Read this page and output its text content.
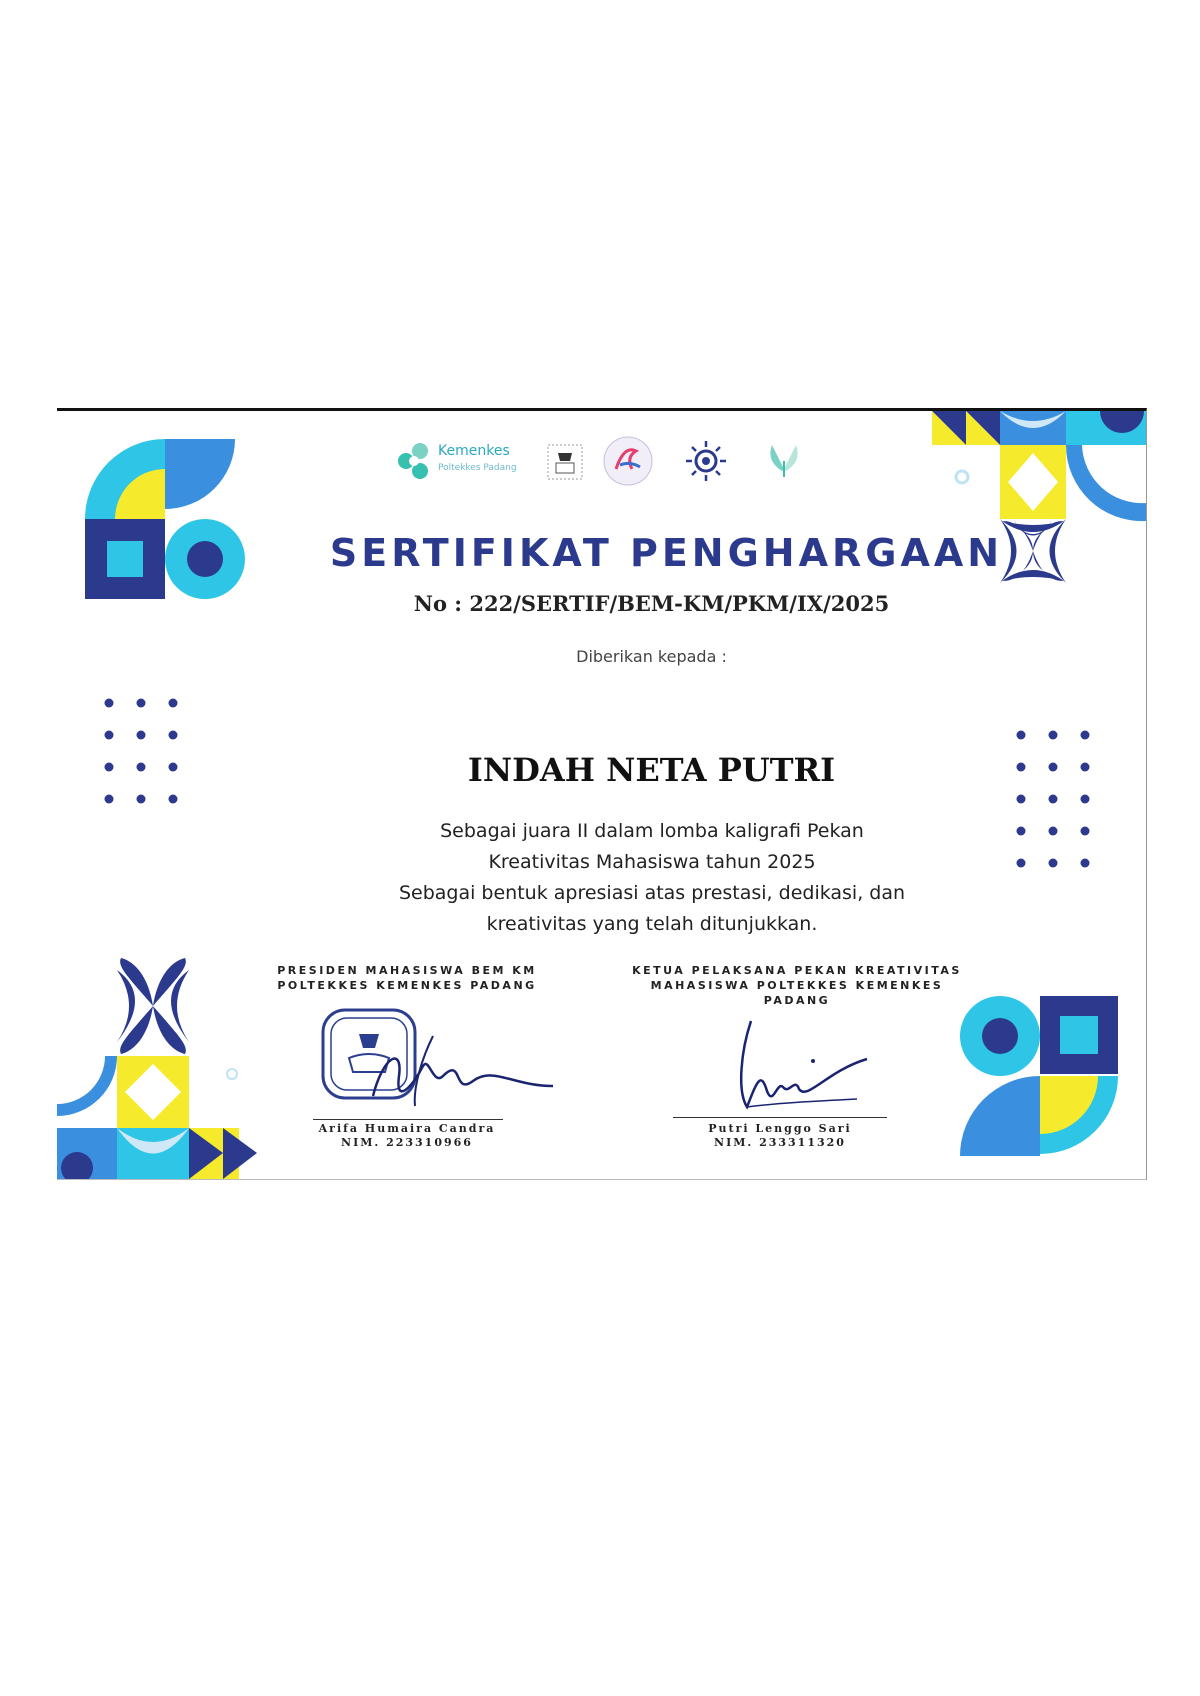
Kemenkes
Poltekkes Padang
SERTIFIKAT PENGHARGAAN
No : 222/SERTIF/BEM-KM/PKM/IX/2025
Diberikan kepada :
INDAH NETA PUTRI
Sebagai juara II dalam lomba kaligrafi Pekan
Kreativitas Mahasiswa tahun 2025
Sebagai bentuk apresiasi atas prestasi, dedikasi, dan
kreativitas yang telah ditunjukkan.
PRESIDEN MAHASISWA BEM KM
POLTEKKES KEMENKES PADANG
Arifa Humaira Candra
NIM. 223310966
KETUA PELAKSANA PEKAN KREATIVITAS
MAHASISWA POLTEKKES KEMENKES
PADANG
Putri Lenggo Sari
NIM. 233311320
